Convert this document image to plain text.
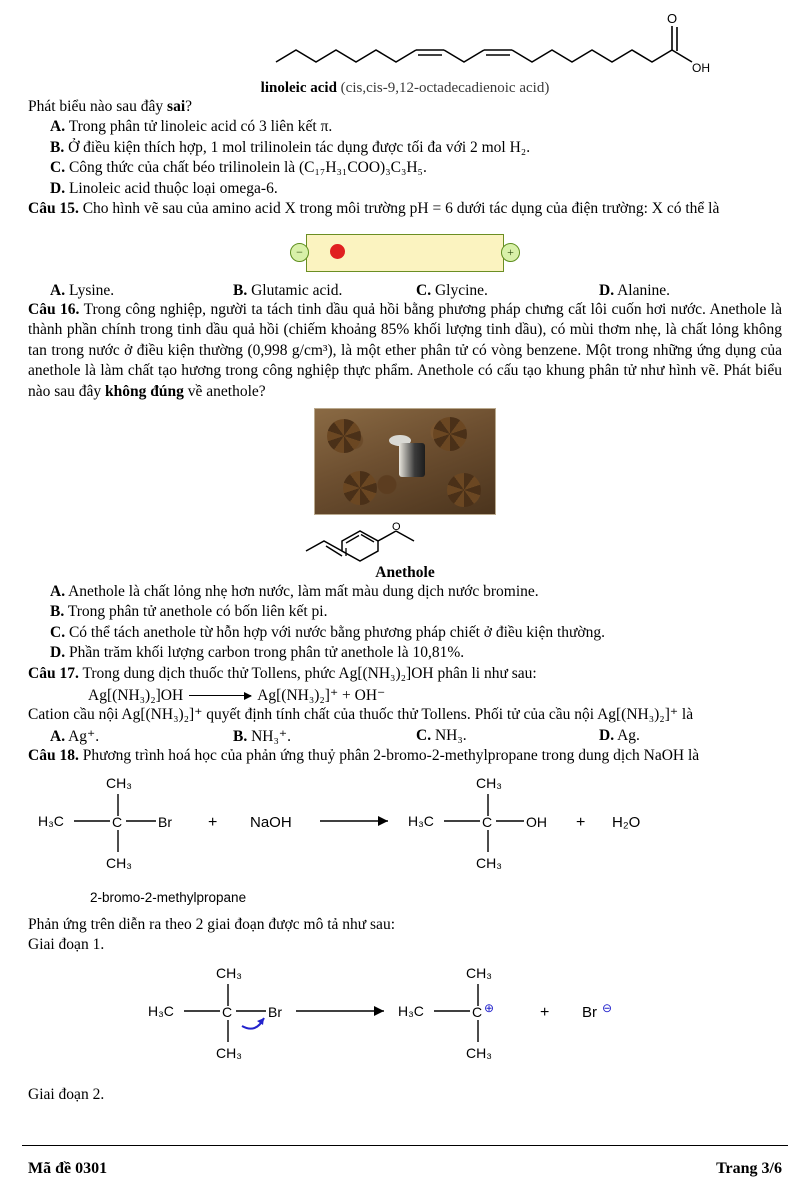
O
OH
linoleic acid (cis,cis-9,12-octadecadienoic acid)

Phát biểu nào sau đây sai?

A. Trong phân tử linoleic acid có 3 liên kết π.

B. Ở điều kiện thích hợp, 1 mol trilinolein tác dụng được tối đa với 2 mol H₂.

C. Công thức của chất béo trilinolein là (C₁₇H₃₁COO)₃C₃H₅.

D. Linoleic acid thuộc loại omega-6.

Câu 15. Cho hình vẽ sau của amino acid X trong môi trường pH = 6 dưới tác dụng của điện trường: X có thể là

−	+
A. Lysine.	B. Glutamic acid.	C. Glycine.	D. Alanine.

Câu 16. Trong công nghiệp, người ta tách tinh dầu quả hồi bằng phương pháp chưng cất lôi cuốn hơi nước. Anethole là thành phần chính trong tinh dầu quả hồi (chiếm khoảng 85% khối lượng tinh dầu), có mùi thơm nhẹ, là chất lỏng không tan trong nước ở điều kiện thường (0,998 g/cm³), là một ether phân tử có vòng benzene. Một trong những ứng dụng của anethole là làm chất tạo hương trong công nghiệp thực phẩm. Anethole có cấu tạo khung phân tử như hình vẽ. Phát biểu nào sau đây không đúng về anethole?

O
Anethole

A. Anethole là chất lỏng nhẹ hơn nước, làm mất màu dung dịch nước bromine.

B. Trong phân tử anethole có bốn liên kết pi.

C. Có thể tách anethole từ hỗn hợp với nước bằng phương pháp chiết ở điều kiện thường.

D. Phần trăm khối lượng carbon trong phân tử anethole là 10,81%.

Câu 17. Trong dung dịch thuốc thử Tollens, phức Ag[(NH₃)₂]OH phân li như sau:

Ag[(NH₃)₂]OH → Ag[(NH₃)₂]⁺ + OH⁻

Cation cầu nội Ag[(NH₃)₂]⁺ quyết định tính chất của thuốc thử Tollens. Phối tử của cầu nội Ag[(NH₃)₂]⁺ là

A. Ag⁺.	B. NH₃⁺.	C. NH₃.	D. Ag.

Câu 18. Phương trình hoá học của phản ứng thuỷ phân 2-bromo-2-methylpropane trong dung dịch NaOH là

CH₃
H₃C	C	Br
CH₃
+ NaOH
CH₃
H₃C	C OH
CH₃
+ H₂O

2-bromo-2-methylpropane

Phản ứng trên diễn ra theo 2 giai đoạn được mô tả như sau:

Giai đoạn 1.

CH₃
H₃C	C	Br
CH₃
CH₃
H₃C	C ⊕
CH₃
+ Br ⊖

Giai đoạn 2.

Mã đề 0301	Trang 3/6
